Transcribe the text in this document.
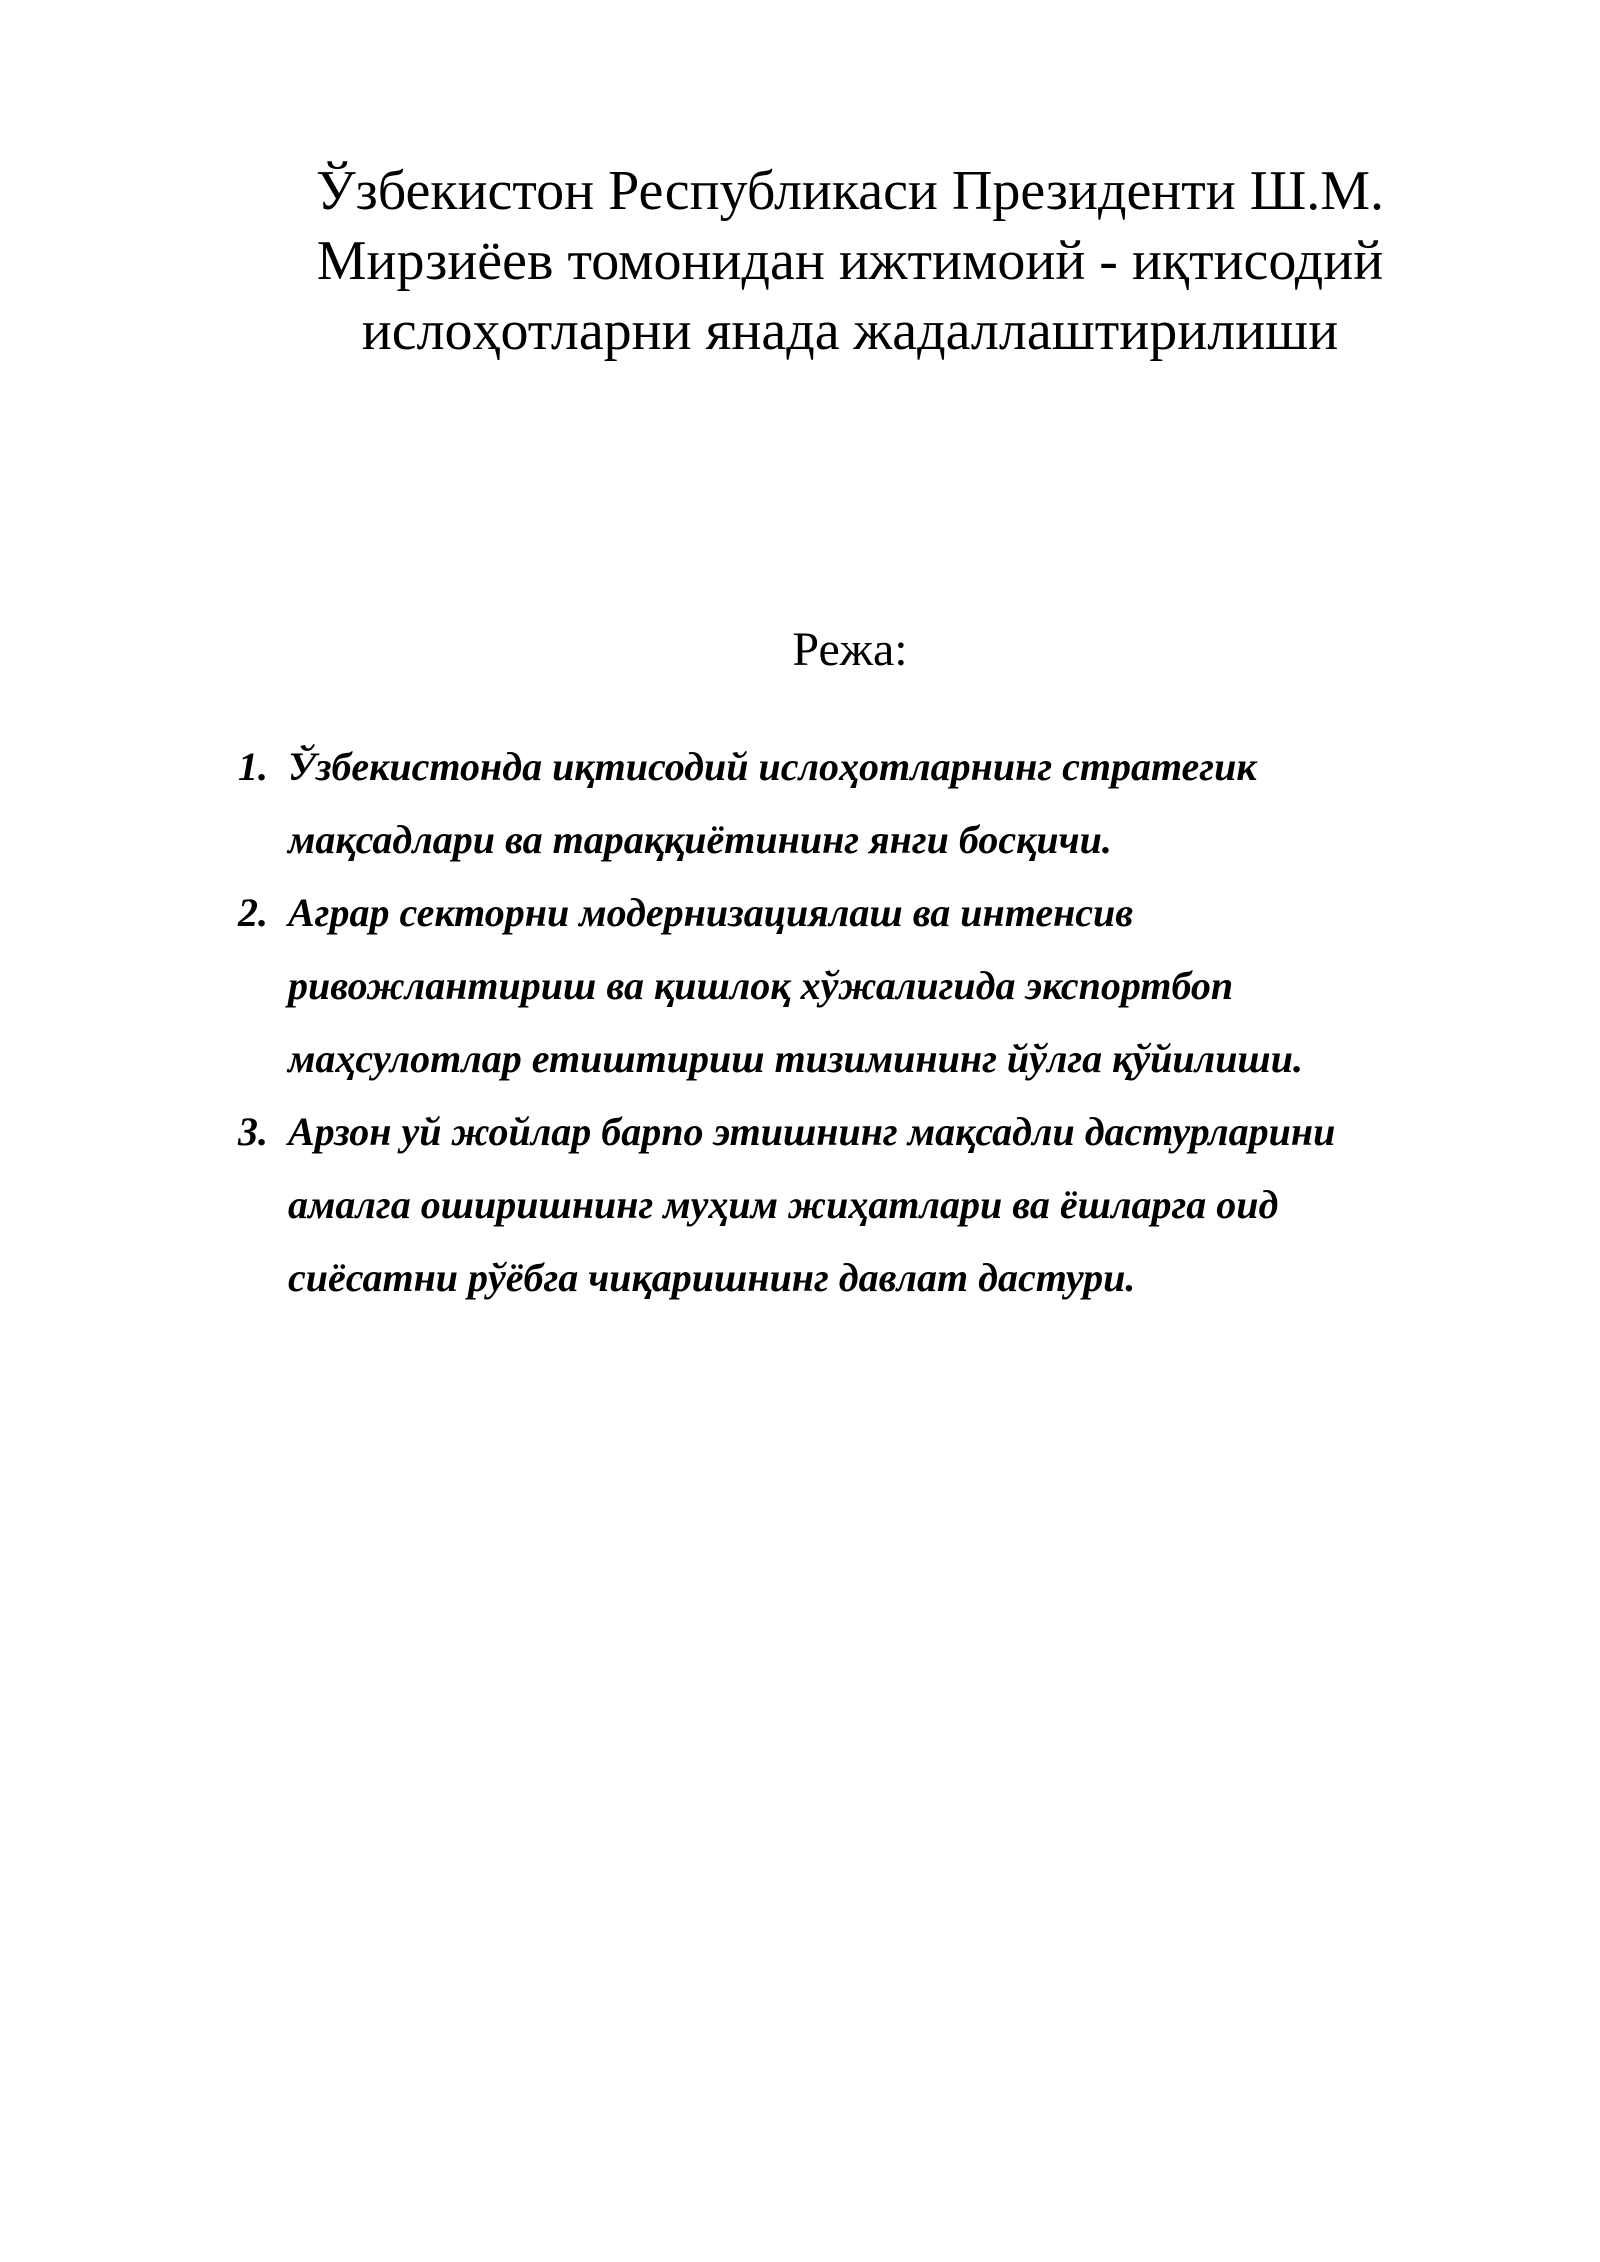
Ўзбекистон Республикаси Президенти Ш.М.
Мирзиёев томонидан ижтимоий - иқтисодий
ислоҳотларни янада жадаллаштирилиши
Режа:
1. Ўзбекистонда иқтисодий ислоҳотларнинг стратегик
мақсадлари ва тараққиётининг янги босқичи.
2. Аграр секторни модернизациялаш ва интенсив
ривожлантириш ва қишлоқ хўжалигида экспортбоп
маҳсулотлар етиштириш тизимининг йўлга қўйилиши.
3. Арзон уй жойлар барпо этишнинг мақсадли дастурларини
амалга оширишнинг муҳим жиҳатлари ва ёшларга оид
сиёсатни рўёбга чиқаришнинг давлат дастури.
